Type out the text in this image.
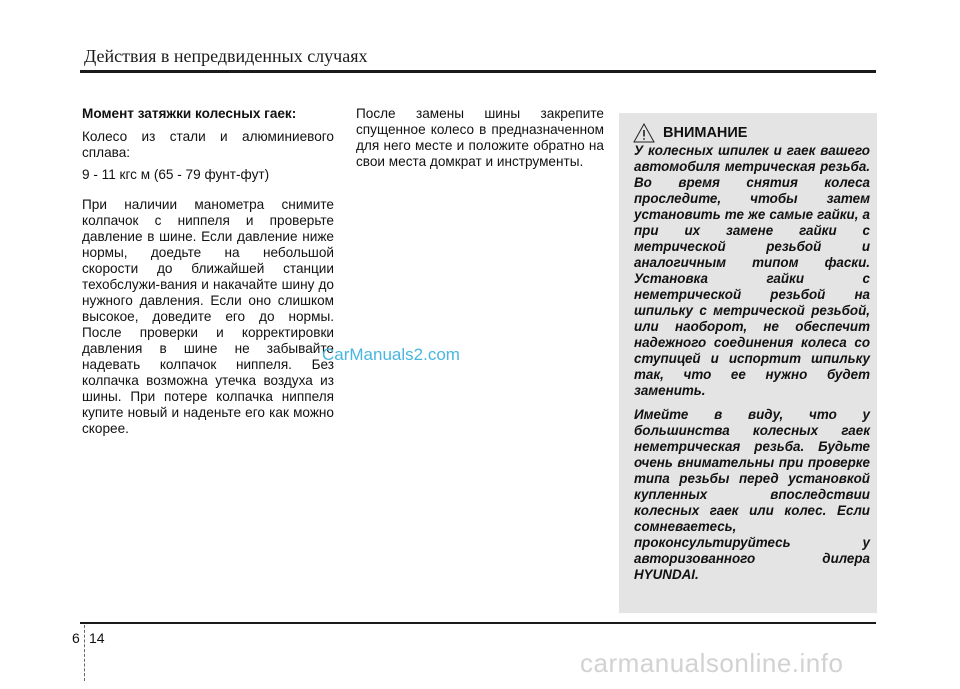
Действия в непредвиденных случаях

Момент затяжки колесных гаек:

Колесо из стали и алюминиевого сплава:

9 - 11 кгс м (65 - 79 фунт-фут)

При наличии манометра снимите колпачок с ниппеля и проверьте давление в шине. Если давление ниже нормы, доедьте на небольшой скорости до ближайшей станции техобслужи-вания и накачайте шину до нужного давления. Если оно слишком высокое, доведите его до нормы. После проверки и корректировки давления в шине не забывайте надевать колпачок ниппеля. Без колпачка возможна утечка воздуха из шины. При потере колпачка ниппеля купите новый и наденьте его как можно скорее.

После замены шины закрепите спущенное колесо в предназначенном для него месте и положите обратно на свои места домкрат и инструменты.

ВНИМАНИЕ

У колесных шпилек и гаек вашего автомобиля метрическая резьба. Во время снятия колеса проследите, чтобы затем установить те же самые гайки, а при их замене гайки с метрической резьбой и аналогичным типом фаски. Установка гайки с неметрической резьбой на шпильку с метрической резьбой, или наоборот, не обеспечит надежного соединения колеса со ступицей и испортит шпильку так, что ее нужно будет заменить.

Имейте в виду, что у большинства колесных гаек неметрическая резьба. Будьте очень внимательны при проверке типа резьбы перед установкой купленных впоследствии колесных гаек или колес. Если сомневаетесь, проконсультируйтесь у авторизованного дилера HYUNDAI.

CarManuals2.com
6 14
carmanualsonline.info
